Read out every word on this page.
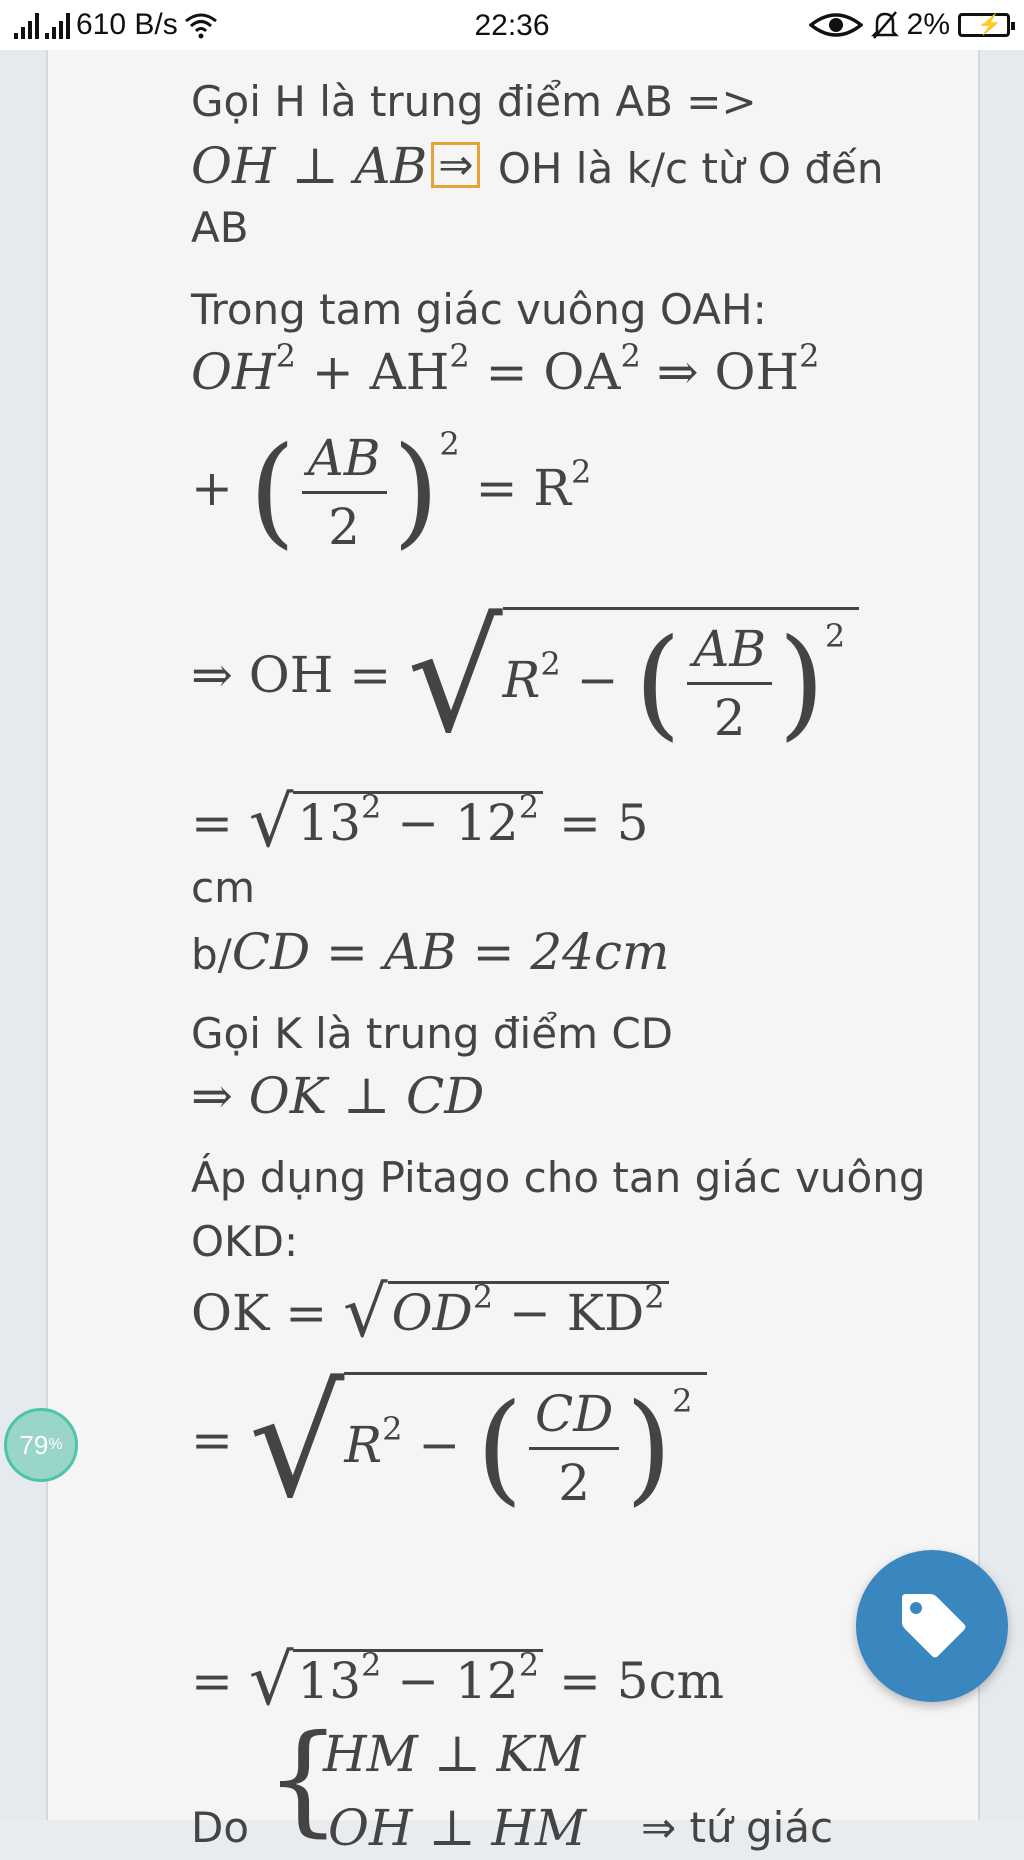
610 B/s	22:36	2% ⚡
Gọi H là trung điểm AB =>
OH ⊥ AB ⇒ OH là k/c từ O đến
AB
Trong tam giác vuông OAH:
$OH^2 + AH^2 = OA^2$ ⇒ $OH^2$
+ ( $\frac{AB}{2} )^2 = R^2$
⇒ OH = $√R^2$ − ( $\frac{AB}{2} )^2$
= $√13^2 - 12^2 = 5$
cm
b/CD = AB = 24cm
Gọi K là trung điểm CD
⇒ OK ⊥ CD
Áp dụng Pitago cho tan giác vuông
OKD:
OK = $√OD^2 - KD^2$
= $√R^2$ − ( $\frac{CD}{2} )^2$
= $√13^2 - 12^2 = 5cm$
Do {
HM ⊥ KM
OH ⊥ HM ⇒ tứ giác
79 %
